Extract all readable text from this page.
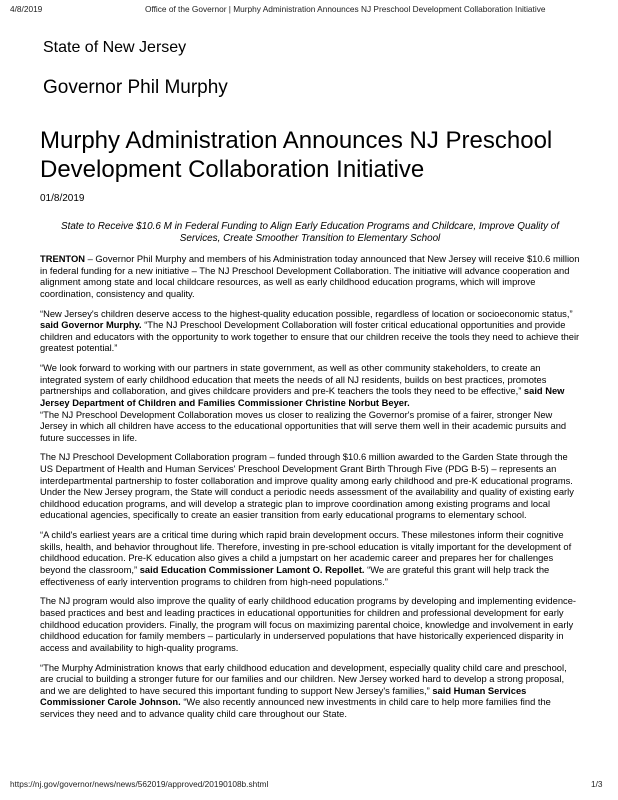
4/8/2019	Office of the Governor | Murphy Administration Announces NJ Preschool Development Collaboration Initiative
State of New Jersey
Governor Phil Murphy
Murphy Administration Announces NJ Preschool Development Collaboration Initiative
01/8/2019
State to Receive $10.6 M in Federal Funding to Align Early Education Programs and Childcare, Improve Quality of Services, Create Smoother Transition to Elementary School

TRENTON – Governor Phil Murphy and members of his Administration today announced that New Jersey will receive $10.6 million in federal funding for a new initiative – The NJ Preschool Development Collaboration. The initiative will advance cooperation and alignment among state and local childcare resources, as well as early childhood education programs, which will improve coordination, consistency and quality.

“New Jersey's children deserve access to the highest-quality education possible, regardless of location or socioeconomic status,” said Governor Murphy. “The NJ Preschool Development Collaboration will foster critical educational opportunities and provide children and educators with the opportunity to work together to ensure that our children receive the tools they need to achieve their greatest potential.”

“We look forward to working with our partners in state government, as well as other community stakeholders, to create an integrated system of early childhood education that meets the needs of all NJ residents, builds on best practices, promotes partnerships and collaboration, and gives childcare providers and pre-K teachers the tools they need to be effective,” said New Jersey Department of Children and Families Commissioner Christine Norbut Beyer.

“The NJ Preschool Development Collaboration moves us closer to realizing the Governor's promise of a fairer, stronger New Jersey in which all children have access to the educational opportunities that will serve them well in their academic pursuits and future successes in life.

The NJ Preschool Development Collaboration program – funded through $10.6 million awarded to the Garden State through the US Department of Health and Human Services' Preschool Development Grant Birth Through Five (PDG B-5) – represents an interdepartmental partnership to foster collaboration and improve quality among early childhood and pre-K educational programs. Under the New Jersey program, the State will conduct a periodic needs assessment of the availability and quality of existing early childhood education programs, and will develop a strategic plan to improve coordination among existing programs and local educational agencies, specifically to create an easier transition from early educational programs to elementary school.

“A child's earliest years are a critical time during which rapid brain development occurs. These milestones inform their cognitive skills, health, and behavior throughout life. Therefore, investing in pre-school education is vitally important for the development of childhood education. Pre-K education also gives a child a jumpstart on her academic career and prepares her for challenges beyond the classroom,” said Education Commissioner Lamont O. Repollet. “We are grateful this grant will help track the effectiveness of early intervention programs to children from high-need populations.”

The NJ program would also improve the quality of early childhood education programs by developing and implementing evidence-based practices and best and leading practices in educational opportunities for children and professional development for early childhood education providers. Finally, the program will focus on maximizing parental choice, knowledge and involvement in early childhood education for family members – particularly in underserved populations that have historically experienced disparity in access and availability to high-quality programs.

“The Murphy Administration knows that early childhood education and development, especially quality child care and preschool, are crucial to building a stronger future for our families and our children. New Jersey worked hard to develop a strong proposal, and we are delighted to have secured this important funding to support New Jersey's families,” said Human Services Commissioner Carole Johnson. “We also recently announced new investments in child care to help more families find the services they need and to advance quality child care throughout our State.

https://nj.gov/governor/news/news/562019/approved/20190108b.shtml	1/3
